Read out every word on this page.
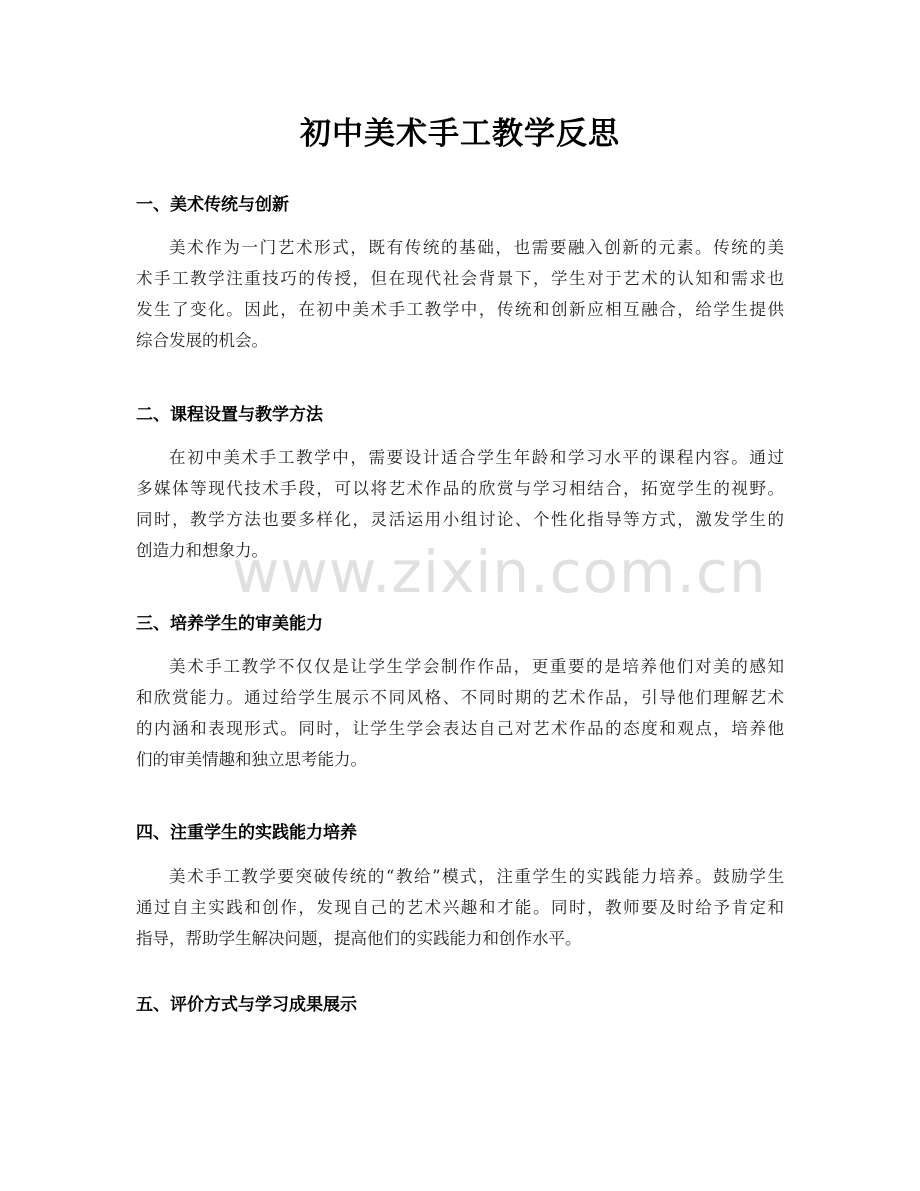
初中美术手工教学反思
一、美术传统与创新

美术作为一门艺术形式，既有传统的基础，也需要融入创新的元素。传统的美
术手工教学注重技巧的传授，但在现代社会背景下，学生对于艺术的认知和需求也
发生了变化。因此，在初中美术手工教学中，传统和创新应相互融合，给学生提供
综合发展的机会。

二、课程设置与教学方法

在初中美术手工教学中，需要设计适合学生年龄和学习水平的课程内容。通过
多媒体等现代技术手段，可以将艺术作品的欣赏与学习相结合，拓宽学生的视野。
同时，教学方法也要多样化，灵活运用小组讨论、个性化指导等方式，激发学生的
创造力和想象力。

三、培养学生的审美能力

美术手工教学不仅仅是让学生学会制作作品，更重要的是培养他们对美的感知
和欣赏能力。通过给学生展示不同风格、不同时期的艺术作品，引导他们理解艺术
的内涵和表现形式。同时，让学生学会表达自己对艺术作品的态度和观点，培养他
们的审美情趣和独立思考能力。

四、注重学生的实践能力培养

美术手工教学要突破传统的“教给”模式，注重学生的实践能力培养。鼓励学生
通过自主实践和创作，发现自己的艺术兴趣和才能。同时，教师要及时给予肯定和
指导，帮助学生解决问题，提高他们的实践能力和创作水平。

五、评价方式与学习成果展示
www.zixin.com.cn
